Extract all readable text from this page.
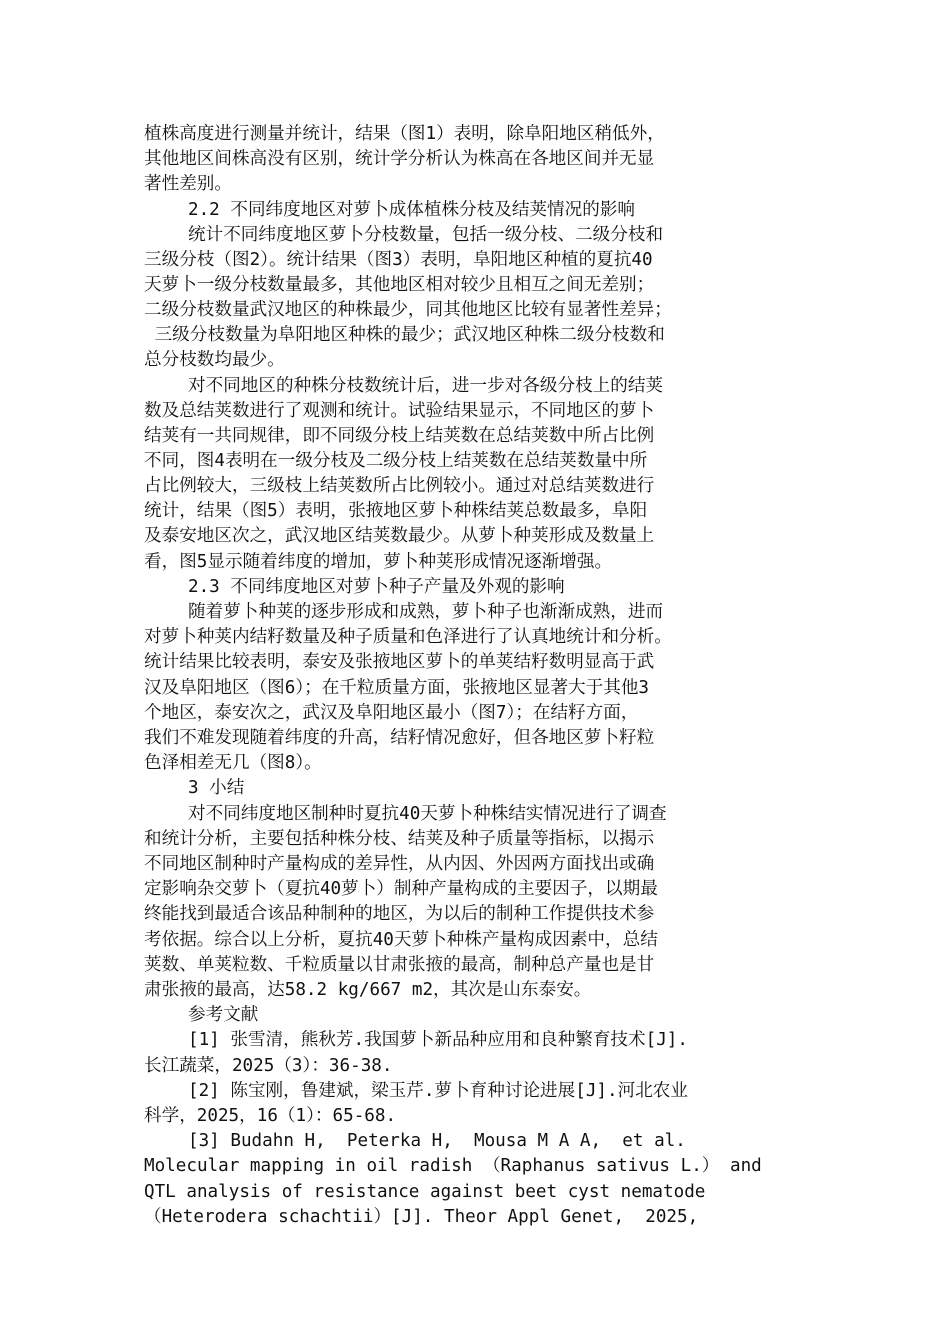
植株高度进行测量并统计，结果（图1）表明，除阜阳地区稍低外，
其他地区间株高没有区别，统计学分析认为株高在各地区间并无显
著性差别。
2.2 不同纬度地区对萝卜成体植株分枝及结荚情况的影响
统计不同纬度地区萝卜分枝数量，包括一级分枝、二级分枝和
三级分枝（图2）。统计结果（图3）表明，阜阳地区种植的夏抗40
天萝卜一级分枝数量最多，其他地区相对较少且相互之间无差别；
二级分枝数量武汉地区的种株最少，同其他地区比较有显著性差异；
三级分枝数量为阜阳地区种株的最少；武汉地区种株二级分枝数和
总分枝数均最少。
对不同地区的种株分枝数统计后，进一步对各级分枝上的结荚
数及总结荚数进行了观测和统计。试验结果显示，不同地区的萝卜
结荚有一共同规律，即不同级分枝上结荚数在总结荚数中所占比例
不同，图4表明在一级分枝及二级分枝上结荚数在总结荚数量中所
占比例较大，三级枝上结荚数所占比例较小。通过对总结荚数进行
统计，结果（图5）表明，张掖地区萝卜种株结荚总数最多，阜阳
及泰安地区次之，武汉地区结荚数最少。从萝卜种荚形成及数量上
看，图5显示随着纬度的增加，萝卜种荚形成情况逐渐增强。
2.3 不同纬度地区对萝卜种子产量及外观的影响
随着萝卜种荚的逐步形成和成熟，萝卜种子也渐渐成熟，进而
对萝卜种荚内结籽数量及种子质量和色泽进行了认真地统计和分析。
统计结果比较表明，泰安及张掖地区萝卜的单荚结籽数明显高于武
汉及阜阳地区（图6）；在千粒质量方面，张掖地区显著大于其他3
个地区，泰安次之，武汉及阜阳地区最小（图7）；在结籽方面，
我们不难发现随着纬度的升高，结籽情况愈好，但各地区萝卜籽粒
色泽相差无几（图8）。
3 小结
对不同纬度地区制种时夏抗40天萝卜种株结实情况进行了调查
和统计分析，主要包括种株分枝、结荚及种子质量等指标，以揭示
不同地区制种时产量构成的差异性，从内因、外因两方面找出或确
定影响杂交萝卜（夏抗40萝卜）制种产量构成的主要因子，以期最
终能找到最适合该品种制种的地区，为以后的制种工作提供技术参
考依据。综合以上分析，夏抗40天萝卜种株产量构成因素中，总结
荚数、单荚粒数、千粒质量以甘肃张掖的最高，制种总产量也是甘
肃张掖的最高，达58.2 kg/667 m2，其次是山东泰安。
参考文献
[1] 张雪清，熊秋芳.我国萝卜新品种应用和良种繁育技术[J].
长江蔬菜，2025（3）：36-38.
[2] 陈宝刚，鲁建斌，梁玉芹.萝卜育种讨论进展[J].河北农业
科学，2025，16（1）：65-68.
[3] Budahn H,  Peterka H,  Mousa M A A,  et al.
Molecular mapping in oil radish （Raphanus sativus L.） and
QTL analysis of resistance against beet cyst nematode
（Heterodera schachtii）[J]. Theor Appl Genet,  2025,
